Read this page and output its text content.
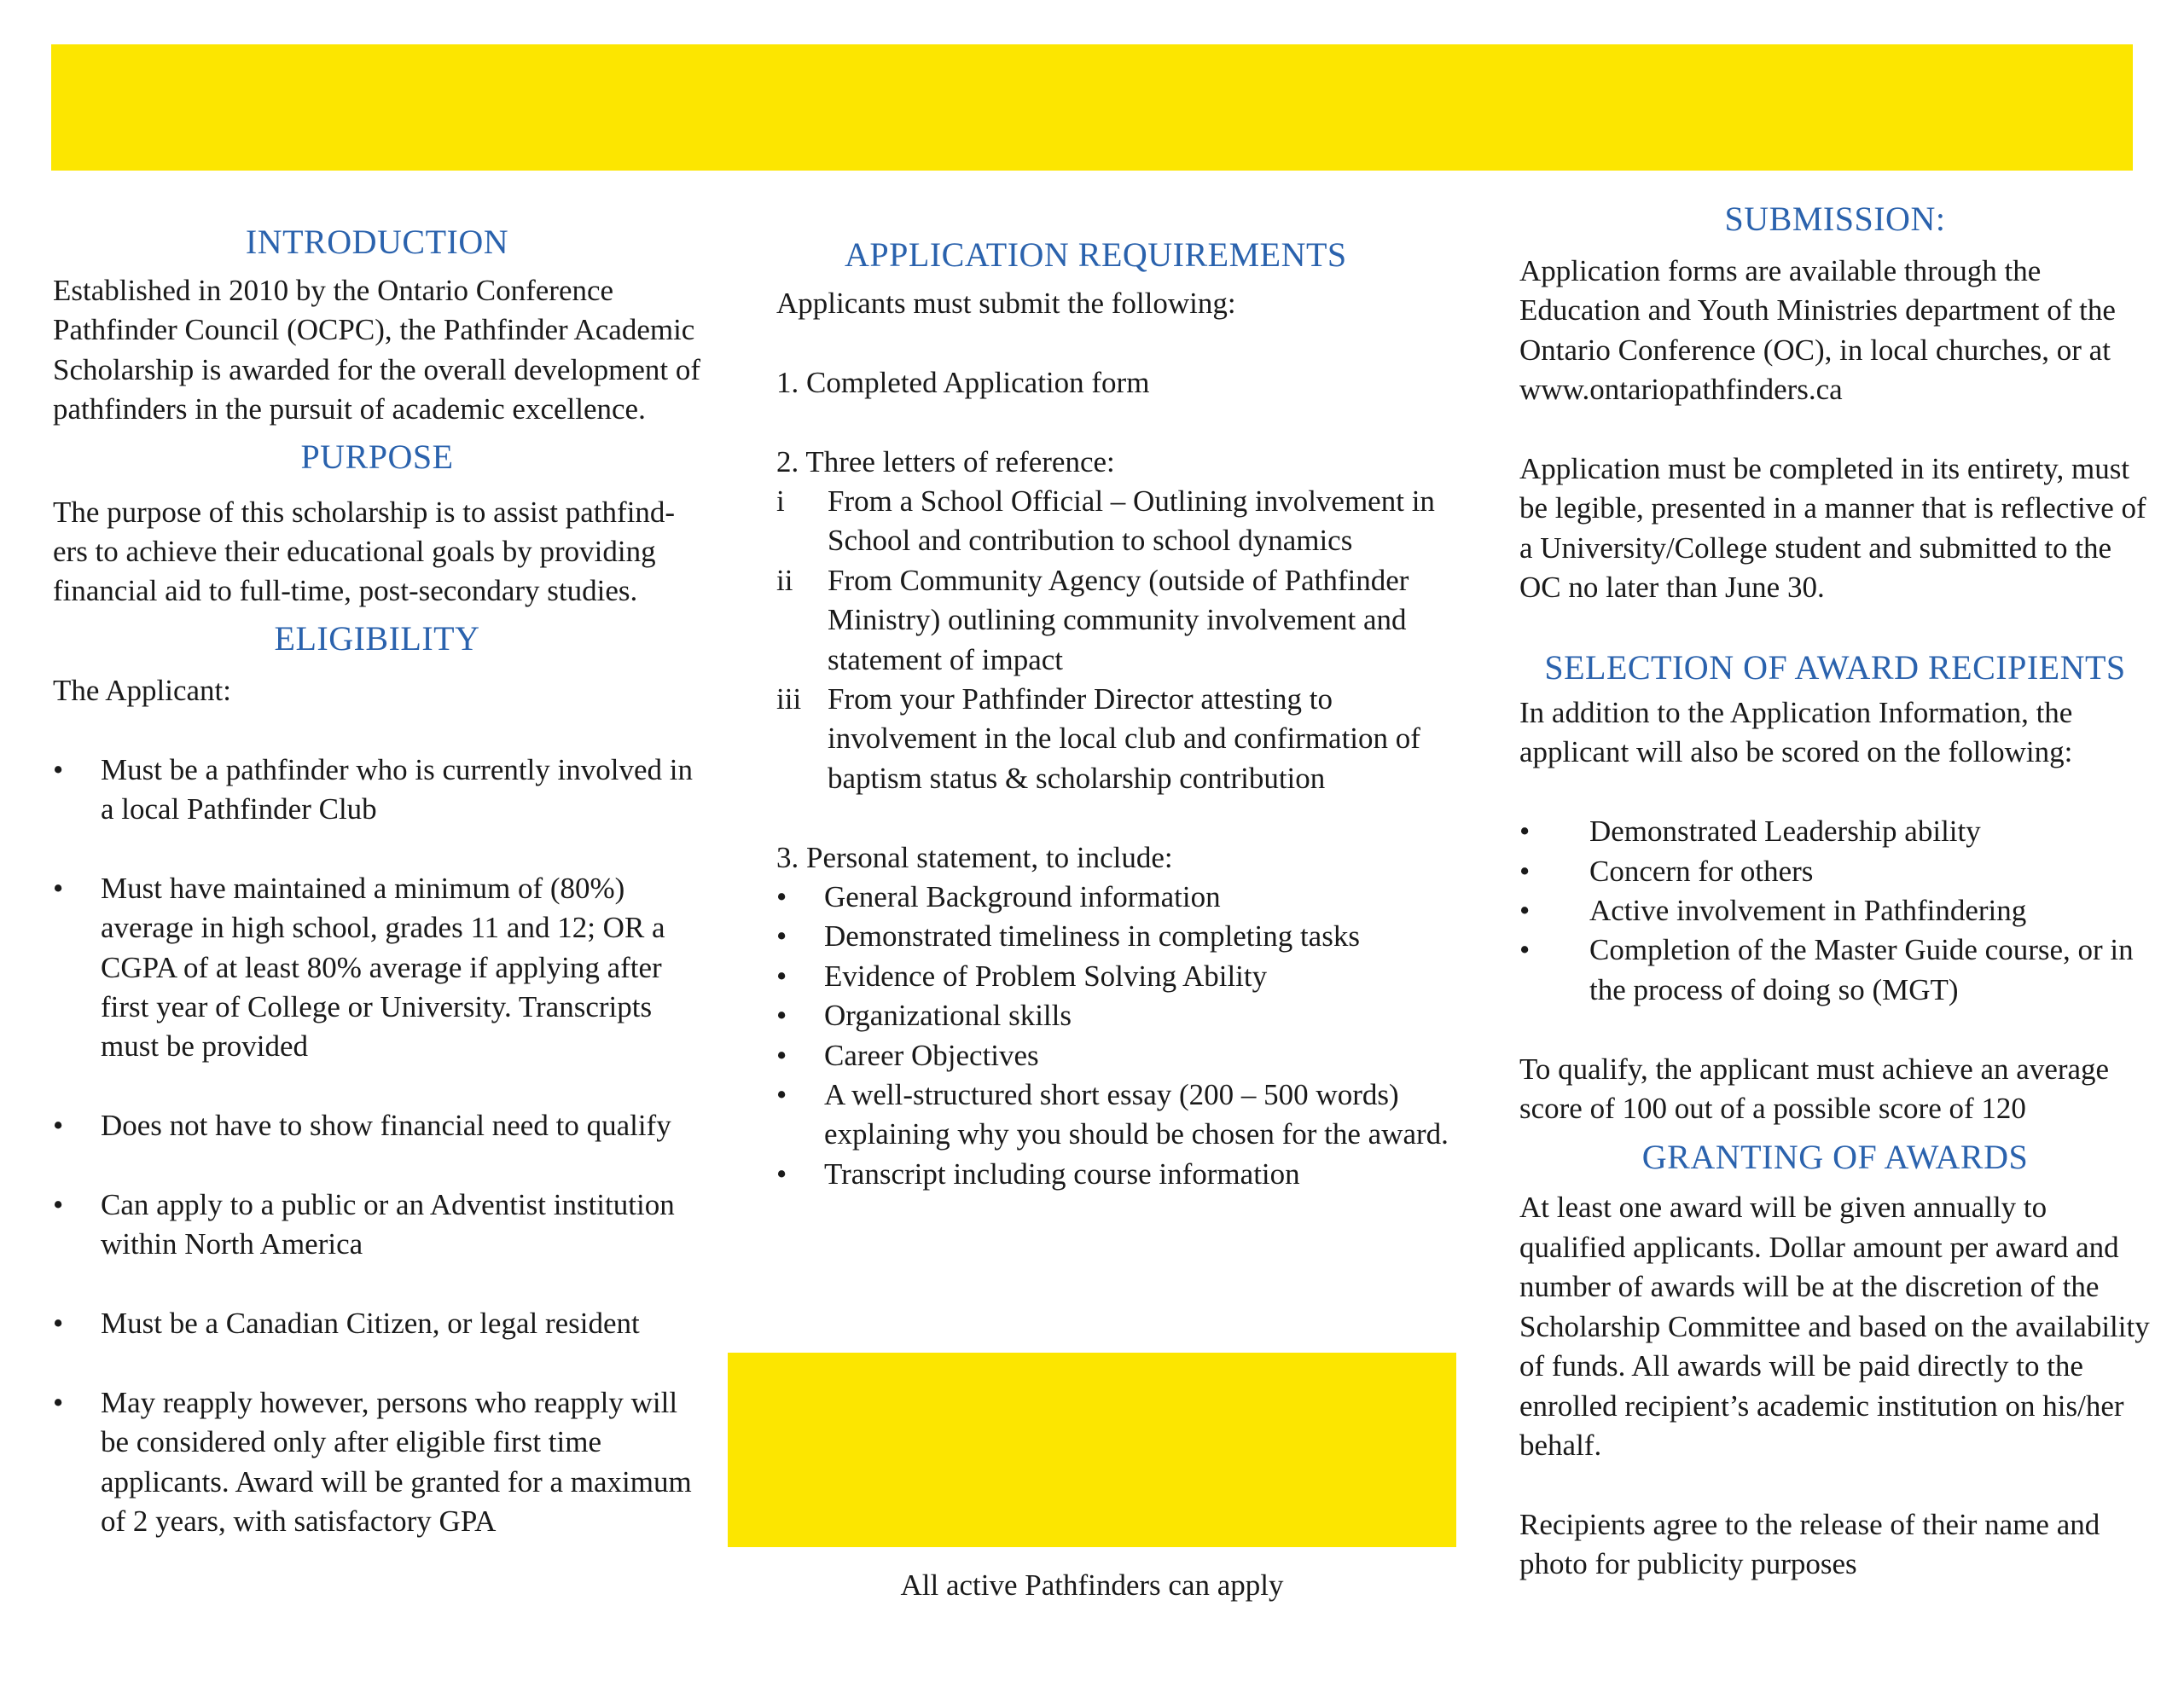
INTRODUCTION

Established in 2010 by the Ontario Conference Pathfinder Council (OCPC), the Pathfinder Academic Scholarship is awarded for the overall development of pathfinders in the pursuit of academic excellence.

PURPOSE

The purpose of this scholarship is to assist pathfind-ers to achieve their educational goals by providing financial aid to full-time, post-secondary studies.

ELIGIBILITY

The Applicant:

• Must be a pathfinder who is currently involved in a local Pathfinder Club
• Must have maintained a minimum of (80%) average in high school, grades 11 and 12; OR a CGPA of at least 80% average if applying after first year of College or University. Transcripts must be provided
• Does not have to show financial need to qualify
• Can apply to a public or an Adventist institution within North America
• Must be a Canadian Citizen, or legal resident
• May reapply however, persons who reapply will be considered only after eligible first time applicants. Award will be granted for a maximum of 2 years, with satisfactory GPA
APPLICATION REQUIREMENTS

Applicants must submit the following:

1. Completed Application form

2. Three letters of reference:

i From a School Official – Outlining involvement in School and contribution to school dynamics
ii From Community Agency (outside of Pathfinder Ministry) outlining community involvement and statement of impact
iii From your Pathfinder Director attesting to involvement in the local club and confirmation of baptism status & scholarship contribution

3. Personal statement, to include:

• General Background information
• Demonstrated timeliness in completing tasks
• Evidence of Problem Solving Ability
• Organizational skills
• Career Objectives
• A well-structured short essay (200 – 500 words) explaining why you should be chosen for the award.
• Transcript including course information
All active Pathfinders can apply
SUBMISSION:

Application forms are available through the Education and Youth Ministries department of the Ontario Conference (OC), in local churches, or at www.ontariopathfinders.ca

Application must be completed in its entirety, must be legible, presented in a manner that is reflective of a University/College student and submitted to the OC no later than June 30.

SELECTION OF AWARD RECIPIENTS

In addition to the Application Information, the applicant will also be scored on the following:

• Demonstrated Leadership ability
• Concern for others
• Active involvement in Pathfindering
• Completion of the Master Guide course, or in the process of doing so (MGT)

To qualify, the applicant must achieve an average score of 100 out of a possible score of 120

GRANTING OF AWARDS

At least one award will be given annually to qualified applicants. Dollar amount per award and number of awards will be at the discretion of the Scholarship Committee and based on the availability of funds. All awards will be paid directly to the enrolled recipient’s academic institution on his/her behalf.

Recipients agree to the release of their name and photo for publicity purposes
